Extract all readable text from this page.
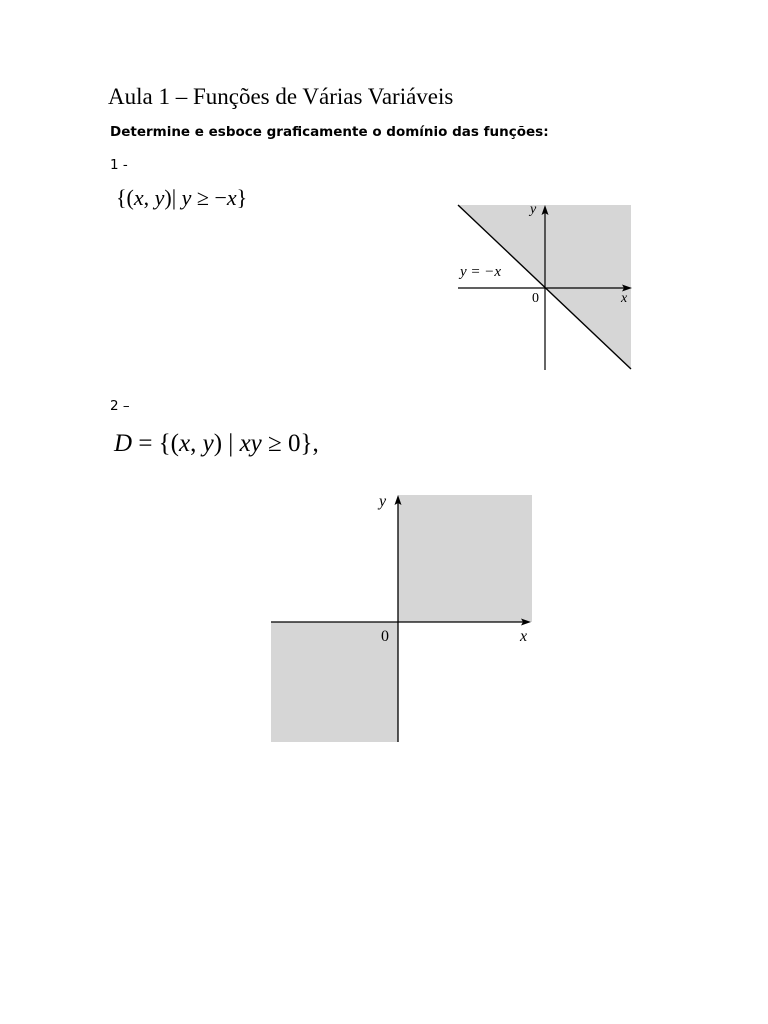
Aula 1 – Funções de Várias Variáveis
Determine e esboce graficamente o domínio das funções:
1 -
{(x, y)| y ≥ −x}	y
x
0
y = −x
2 –
D = {(x, y) | xy ≥ 0},
y
x
0
